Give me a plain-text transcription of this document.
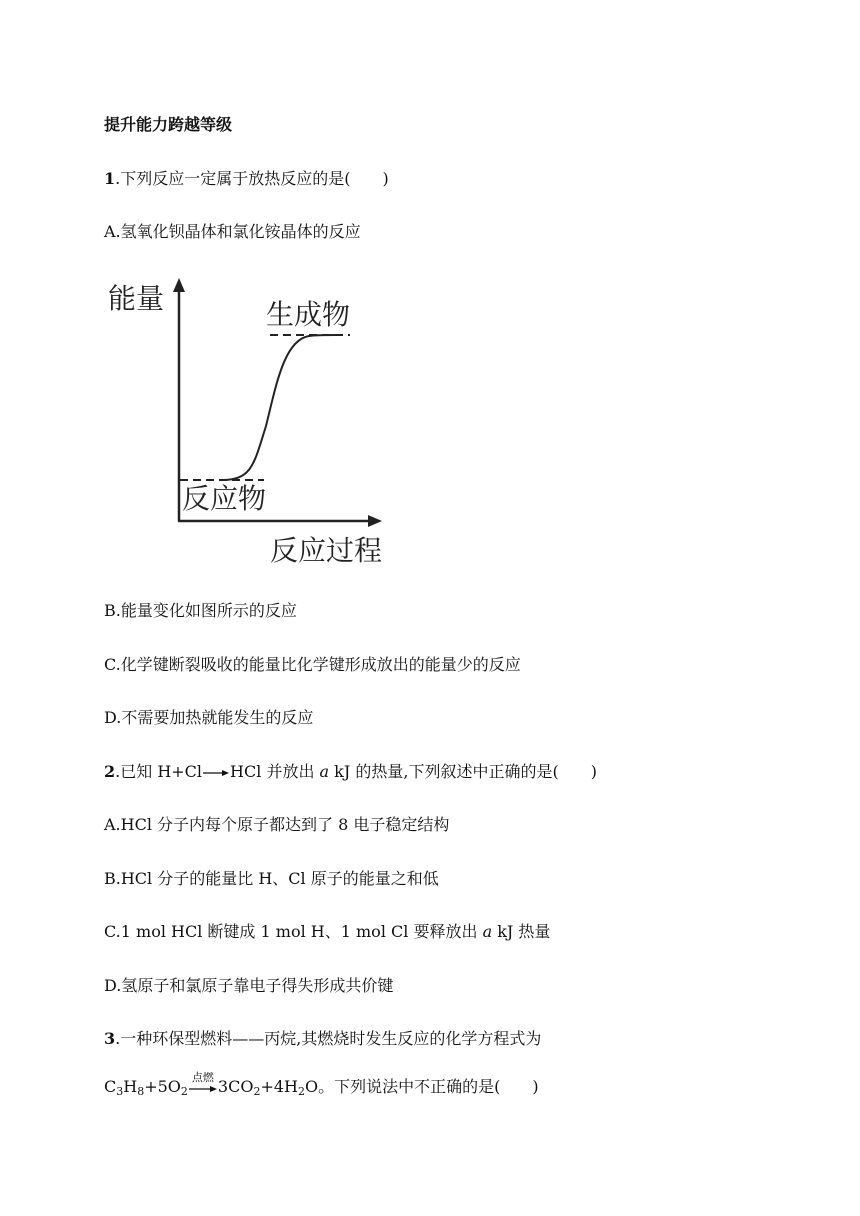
提升能力跨越等级
1.下列反应一定属于放热反应的是(　　)
A.氢氧化钡晶体和氯化铵晶体的反应
能量	生成物
反应物
反应过程
B.能量变化如图所示的反应
C.化学键断裂吸收的能量比化学键形成放出的能量少的反应
D.不需要加热就能发生的反应
2.已知 H+Cl→HCl 并放出 a kJ 的热量,下列叙述中正确的是(　　)
A.HCl 分子内每个原子都达到了 8 电子稳定结构
B.HCl 分子的能量比 H、Cl 原子的能量之和低
C.1 mol HCl 断键成 1 mol H、1 mol Cl 要释放出 a kJ 热量
D.氢原子和氯原子靠电子得失形成共价键
3.一种环保型燃料——丙烷,其燃烧时发生反应的化学方程式为
$C_3H_8+5O_2$
点燃 $3CO_2+4H_2O$。下列说法中不正确的是(　　)
